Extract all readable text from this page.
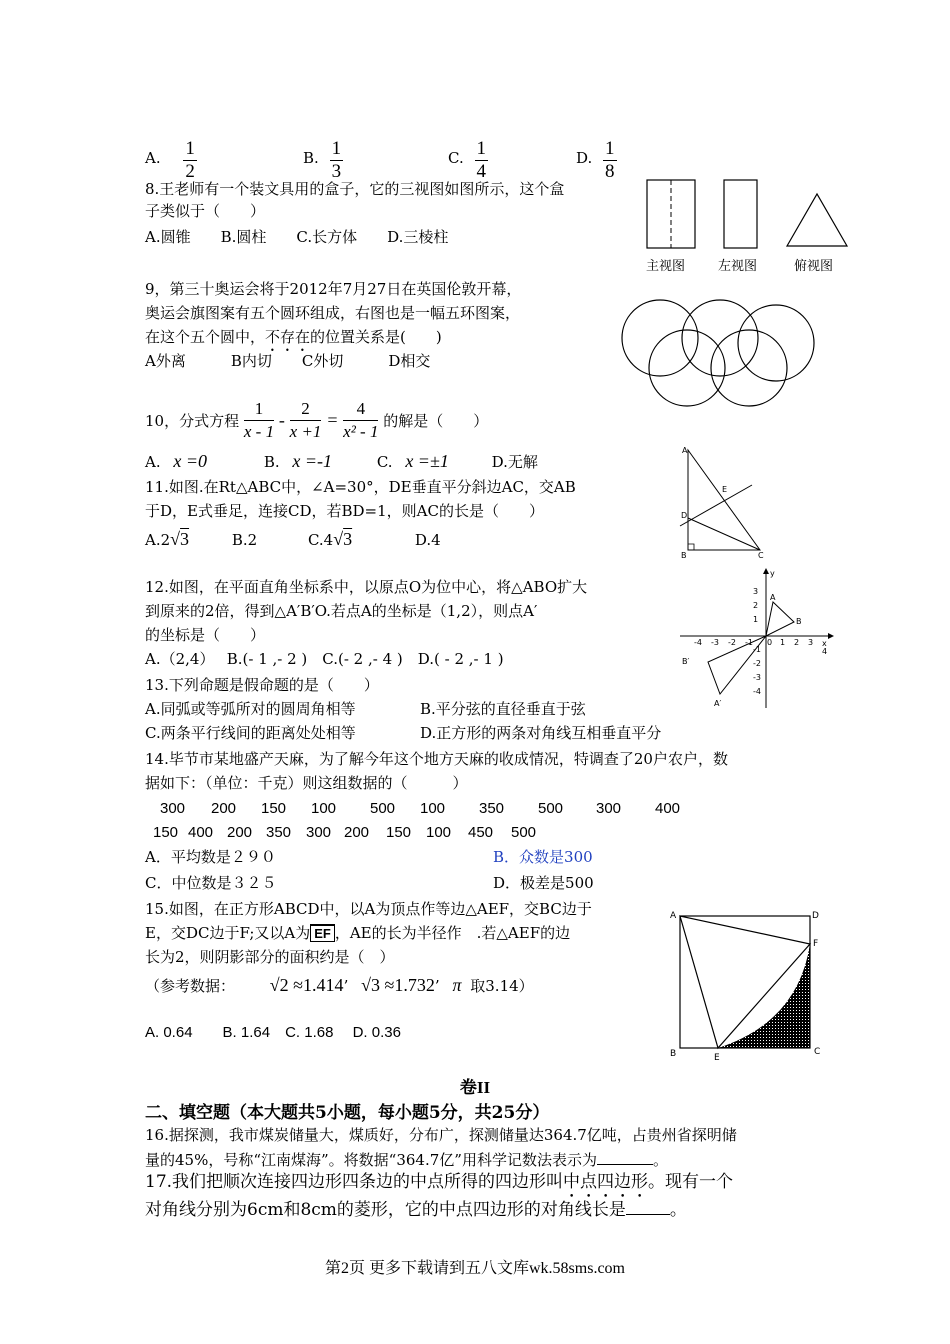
A. $\frac{1}{2}$	B. $\frac{1}{3}$	C. $\frac{1}{4}$	D. $\frac{1}{8}$
8.王老师有一个装文具用的盒子，它的三视图如图所示，这个盒
子类似于（　　）
A.圆锥　　B.圆柱　　C.长方体　　D.三棱柱
主视图	左视图	俯视图
9，第三十奥运会将于2012年7月27日在英国伦敦开幕，
奥运会旗图案有五个圆环组成，右图也是一幅五环图案，
在这个五个圆中，不存在的位置关系是(　　)
A外离　　　B内切　　C外切　　　D相交
10，分式方程 $\frac{1}{x - 1} - \frac{2}{x +1} = \frac{4}{\text{x² - 1}}$ 的解是（　　）
A. x =0	B. x =-1	C. x =±1	D.无解
11.如图.在Rt△ABC中，∠A=30°，DE垂直平分斜边AC，交AB
于D，E式垂足，连接CD，若BD=1，则AC的长是（　　）
A.2√3	B.2	C.4√3	D.4
A
B	C
D
E
12.如图，在平面直角坐标系中，以原点O为位中心，将△ABO扩大
到原来的2倍，得到△A′B′O.若点A的坐标是（1,2），则点A′
的坐标是（　　）
A.（2,4）　 B.(- 1 ,- 2 )　C.(- 2 ,- 4 )　D.( - 2 ,- 1 )
y
x
0
-4 -3 -2 -1	1 2 3
4
3
2
1
-1
-2
-3
-4
A
B
A′
B′
13.下列命题是假命题的是（　　）
A.同弧或等弧所对的圆周角相等	B.平分弦的直径垂直于弦
C.两条平行线间的距离处处相等	D.正方形的两条对角线互相垂直平分
14.毕节市某地盛产天麻，为了解今年这个地方天麻的收成情况，特调查了20户农户，数
据如下：（单位：千克）则这组数据的（　　　）
300 200 150 100 500 100 350 500 300 400
150 400 200 350 300 200 150 100 450 500
A．平均数是２９０	B．众数是300
C．中位数是３２５	D．极差是500
15.如图，在正方形ABCD中，以A为顶点作等边△AEF，交BC边于
E，交DC边于F;又以A为 EF ，AE的长为半径作　.若△AEF的边
长为2，则阴影部分的面积约是（　）
（参考数据： √2 ≈1.414’ √3 ≈1.732’ π 取3.14）
A. 0.64　　B. 1.64　C. 1.68　 D. 0.36
A	D
B	C
E
F
卷II
二、填空题（本大题共5小题，每小题5分，共25分）
16.据探测，我市煤炭储量大，煤质好，分布广，探测储量达364.7亿吨，占贵州省探明储
量的45%，号称“江南煤海”。将数据“364.7亿”用科学记数法表示为	。
17.我们把顺次连接四边形四条边的中点所得的四边形叫中点四边形。现有一个
对角线分别为6cm和8cm的菱形，它的中点四边形的对角线长是	。
第2页 更多下载请到五八文库wk.58sms.com
